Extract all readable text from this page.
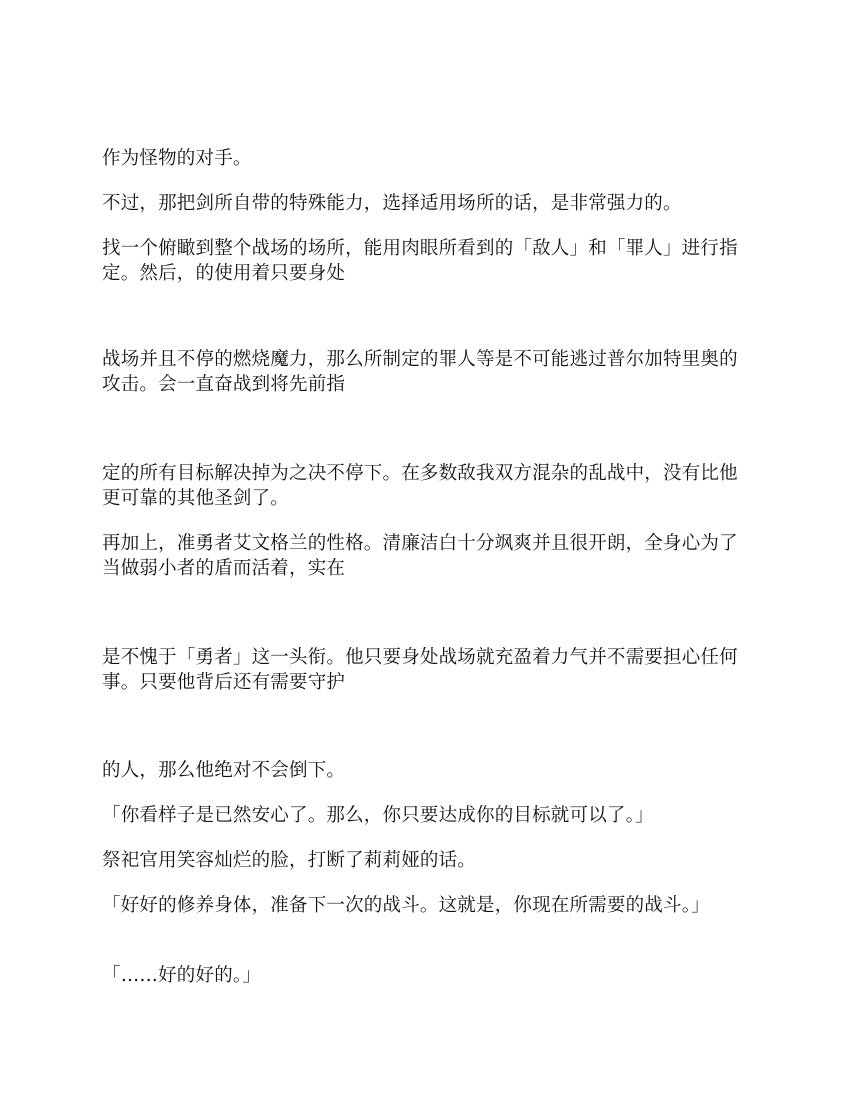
作为怪物的对手。

不过，那把剑所自带的特殊能力，选择适用场所的话，是非常强力的。

找一个俯瞰到整个战场的场所，能用肉眼所看到的「敌人」和「罪人」进行指定。然后，的使用着只要身处

战场并且不停的燃烧魔力，那么所制定的罪人等是不可能逃过普尔加特里奥的攻击。会一直奋战到将先前指

定的所有目标解决掉为之决不停下。在多数敌我双方混杂的乱战中，没有比他更可靠的其他圣剑了。

再加上，准勇者艾文格兰的性格。清廉洁白十分飒爽并且很开朗，全身心为了当做弱小者的盾而活着，实在

是不愧于「勇者」这一头衔。他只要身处战场就充盈着力气并不需要担心任何事。只要他背后还有需要守护

的人，那么他绝对不会倒下。

「你看样子是已然安心了。那么，你只要达成你的目标就可以了。」

祭祀官用笑容灿烂的脸，打断了莉莉娅的话。

「好好的修养身体，准备下一次的战斗。这就是，你现在所需要的战斗。」

「……好的好的。」
